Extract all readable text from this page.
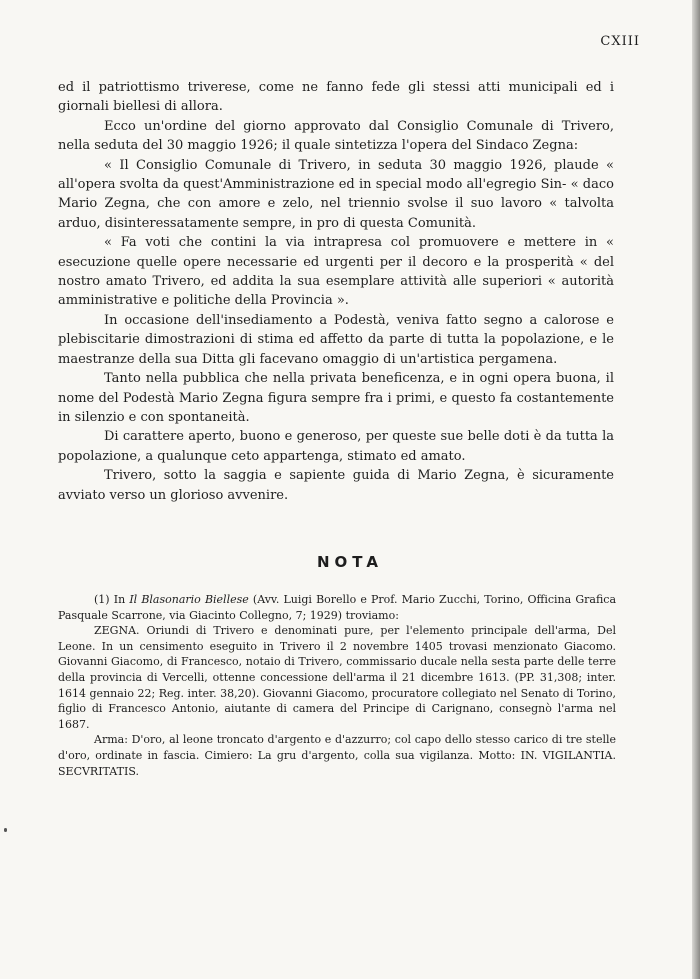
CXIII

ed il patriottismo triverese, come ne fanno fede gli stessi atti municipali ed i giornali biellesi di allora.

Ecco un'ordine del giorno approvato dal Consiglio Comunale di Trivero, nella seduta del 30 maggio 1926; il quale sintetizza l'opera del Sindaco Zegna:

« Il Consiglio Comunale di Trivero, in seduta 30 maggio 1926, plaude « all'opera svolta da quest'Amministrazione ed in special modo all'egregio Sin- « daco Mario Zegna, che con amore e zelo, nel triennio svolse il suo lavoro « talvolta arduo, disinteressatamente sempre, in pro di questa Comunità.

« Fa voti che contini la via intrapresa col promuovere e mettere in « esecuzione quelle opere necessarie ed urgenti per il decoro e la prosperità « del nostro amato Trivero, ed addita la sua esemplare attività alle superiori « autorità amministrative e politiche della Provincia ».

In occasione dell'insediamento a Podestà, veniva fatto segno a calorose e plebiscitarie dimostrazioni di stima ed affetto da parte di tutta la popolazione, e le maestranze della sua Ditta gli facevano omaggio di un'artistica pergamena.

Tanto nella pubblica che nella privata beneficenza, e in ogni opera buona, il nome del Podestà Mario Zegna figura sempre fra i primi, e questo fa costantemente in silenzio e con spontaneità.

Di carattere aperto, buono e generoso, per queste sue belle doti è da tutta la popolazione, a qualunque ceto appartenga, stimato ed amato.

Trivero, sotto la saggia e sapiente guida di Mario Zegna, è sicuramente avviato verso un glorioso avvenire.

NOTA

(1) In Il Blasonario Biellese (Avv. Luigi Borello e Prof. Mario Zucchi, Torino, Officina Grafica Pasquale Scarrone, via Giacinto Collegno, 7; 1929) troviamo:

ZEGNA. Oriundi di Trivero e denominati pure, per l'elemento principale dell'arma, Del Leone. In un censimento eseguito in Trivero il 2 novembre 1405 trovasi menzionato Giacomo. Giovanni Giacomo, di Francesco, notaio di Trivero, commissario ducale nella sesta parte delle terre della provincia di Vercelli, ottenne concessione dell'arma il 21 dicembre 1613. (PP. 31,308; inter. 1614 gennaio 22; Reg. inter. 38,20). Giovanni Giacomo, procuratore collegiato nel Senato di Torino, figlio di Francesco Antonio, aiutante di camera del Principe di Carignano, consegnò l'arma nel 1687.

Arma: D'oro, al leone troncato d'argento e d'azzurro; col capo dello stesso carico di tre stelle d'oro, ordinate in fascia. Cimiero: La gru d'argento, colla sua vigilanza. Motto: IN. VIGILANTIA. SECVRITATIS.
